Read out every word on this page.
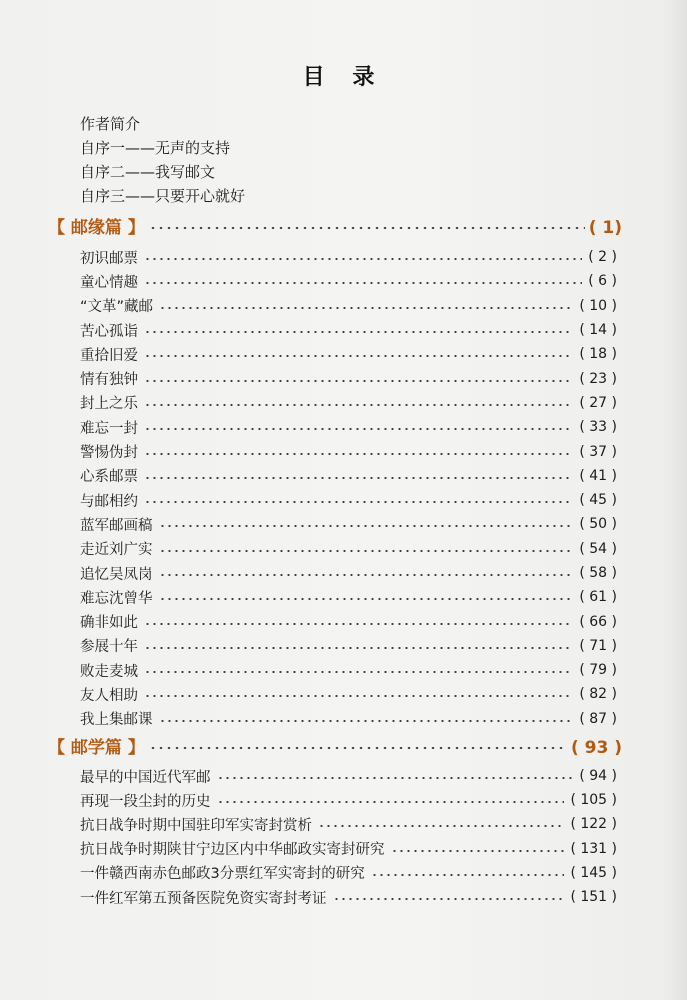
目 录
作者简介
自序一——无声的支持
自序二——我写邮文
自序三——只要开心就好
【 邮缘篇 】	( 1)
初识邮票	( 2 )
童心情趣	( 6 )
“文革”藏邮	( 10 )
苦心孤诣	( 14 )
重拾旧爱	( 18 )
情有独钟	( 23 )
封上之乐	( 27 )
难忘一封	( 33 )
警惕伪封	( 37 )
心系邮票	( 41 )
与邮相约	( 45 )
蓝军邮画稿	( 50 )
走近刘广实	( 54 )
追忆吴凤岗	( 58 )
难忘沈曾华	( 61 )
确非如此	( 66 )
参展十年	( 71 )
败走麦城	( 79 )
友人相助	( 82 )
我上集邮课	( 87 )
【 邮学篇 】	( 93 )
最早的中国近代军邮	( 94 )
再现一段尘封的历史	( 105 )
抗日战争时期中国驻印军实寄封赏析	( 122 )
抗日战争时期陕甘宁边区内中华邮政实寄封研究	( 131 )
一件赣西南赤色邮政3分票红军实寄封的研究	( 145 )
一件红军第五预备医院免资实寄封考证	( 151 )
